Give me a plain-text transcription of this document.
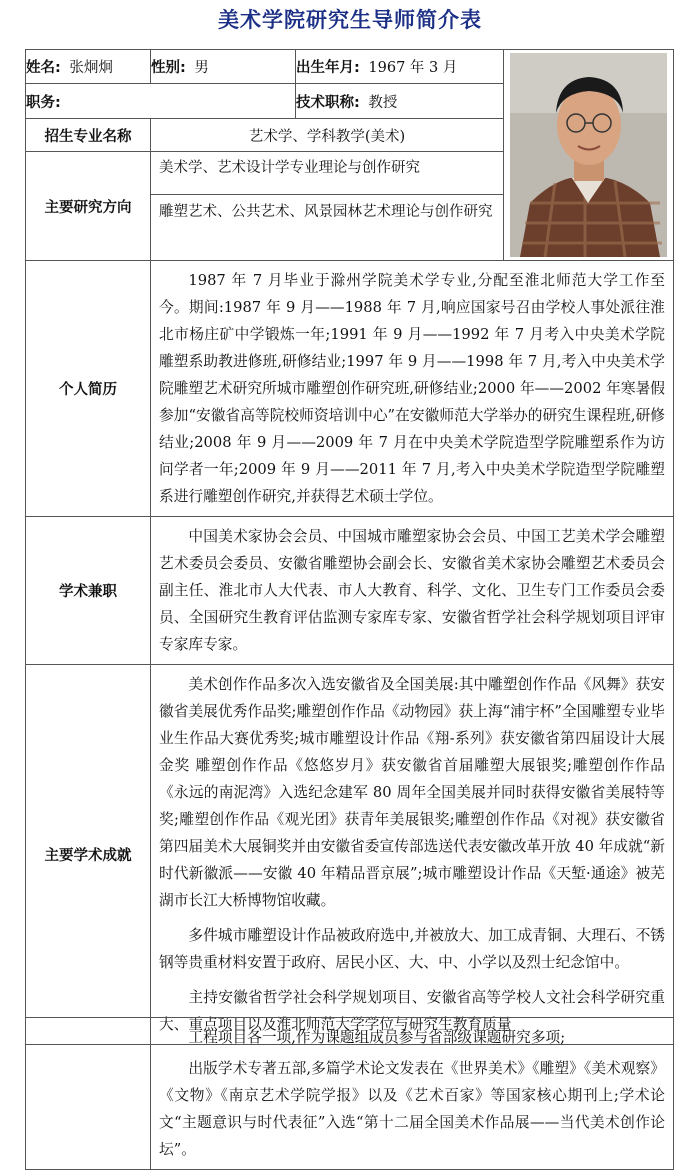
美术学院研究生导师简介表
姓名: 张炯炯	性别: 男	出生年月: 1967 年 3 月	

职务:		技术职称: 教授	
招生专业名称	艺术学、学科教学(美术)		
主要研究方向	美术学、艺术设计学专业理论与创作研究
雕塑艺术、公共艺术、风景园林艺术理论与创作研究		

个人简历	1987 年 7 月毕业于滁州学院美术学专业,分配至淮北师范大学工作至今。期间:1987 年 9 月——1988 年 7 月,响应国家号召由学校人事处派往淮北市杨庄矿中学锻炼一年;1991 年 9 月——1992 年 7 月考入中央美术学院雕塑系助教进修班,研修结业;1997 年 9 月——1998 年 7 月,考入中央美术学院雕塑艺术研究所城市雕塑创作研究班,研修结业;2000 年——2002 年寒暑假参加“安徽省高等院校师资培训中心”在安徽师范大学举办的研究生课程班,研修结业;2008 年 9 月——2009 年 7 月在中央美术学院造型学院雕塑系作为访问学者一年;2009 年 9 月——2011 年 7 月,考入中央美术学院造型学院雕塑系进行雕塑创作研究,并获得艺术硕士学位。		

学术兼职	中国美术家协会会员、中国城市雕塑家协会会员、中国工艺美术学会雕塑艺术委员会委员、安徽省雕塑协会副会长、安徽省美术家协会雕塑艺术委员会副主任、淮北市人大代表、市人大教育、科学、文化、卫生专门工作委员会委员、全国研究生教育评估监测专家库专家、安徽省哲学社会科学规划项目评审专家库专家。		

主要学术成就	美术创作作品多次入选安徽省及全国美展:其中雕塑创作作品《风舞》获安徽省美展优秀作品奖;雕塑创作作品《动物园》获上海“浦宇杯”全国雕塑专业毕业生作品大赛优秀奖;城市雕塑设计作品《翔-系列》获安徽省第四届设计大展金奖 雕塑创作作品《悠悠岁月》获安徽省首届雕塑大展银奖;雕塑创作作品《永远的南泥湾》入选纪念建军 80 周年全国美展并同时获得安徽省美展特等奖;雕塑创作作品《观光团》获青年美展银奖;雕塑创作作品《对视》获安徽省第四届美术大展铜奖并由安徽省委宣传部选送代表安徽改革开放 40 年成就“新时代新徽派——安徽 40 年精品晋京展”;城市雕塑设计作品《天堑·通途》被芜湖市长江大桥博物馆收藏。

多件城市雕塑设计作品被政府选中,并被放大、加工成青铜、大理石、不锈钢等贵重材料安置于政府、居民小区、大、中、小学以及烈士纪念馆中。

主持安徽省哲学社会科学规划项目、安徽省高等学校人文社会科学研究重大、重点项目以及淮北师范大学学位与研究生教育质量		

工程项目各一项,作为课题组成员参与省部级课题研究多项;

出版学术专著五部,多篇学术论文发表在《世界美术》《雕塑》《美术观察》《文物》《南京艺术学院学报》以及《艺术百家》等国家核心期刊上;学术论文“主题意识与时代表征”入选“第十二届全国美术作品展——当代美术创作论坛”。
